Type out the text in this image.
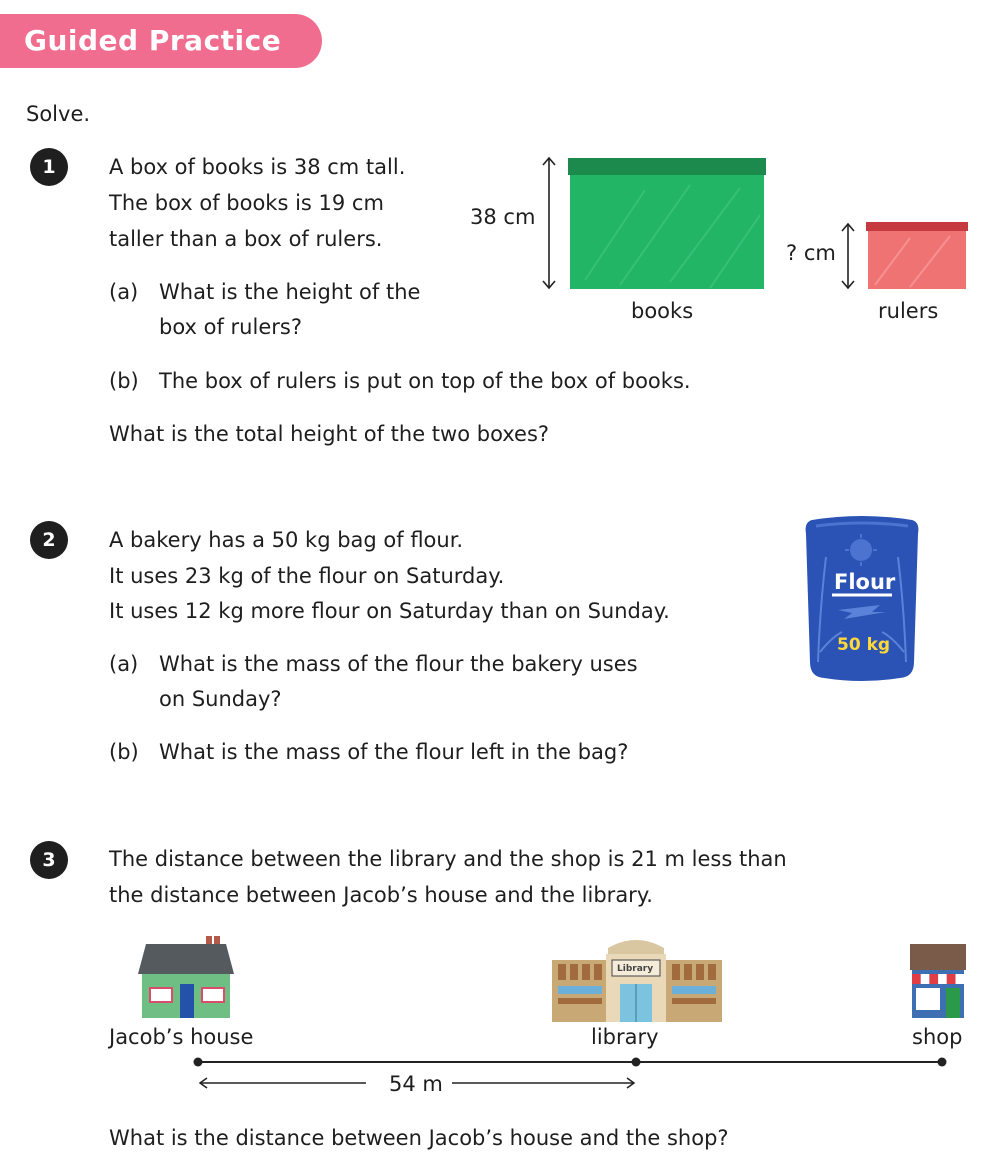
Guided Practice
Solve.
1	A box of books is 38 cm tall.
The box of books is 19 cm
taller than a box of rulers.
(a) What is the height of the
box of rulers?
(b) The box of rulers is put on top of the box of books.
What is the total height of the two boxes?
38 cm
? cm
books	rulers
2	A bakery has a 50 kg bag of flour.
It uses 23 kg of the flour on Saturday.
It uses 12 kg more flour on Saturday than on Sunday.
(a) What is the mass of the flour the bakery uses
on Sunday?
(b) What is the mass of the flour left in the bag?
Flour
50 kg
3	The distance between the library and the shop is 21 m less than
the distance between Jacob’s house and the library.
Library
Jacob’s house	library	shop
54 m
What is the distance between Jacob’s house and the shop?
